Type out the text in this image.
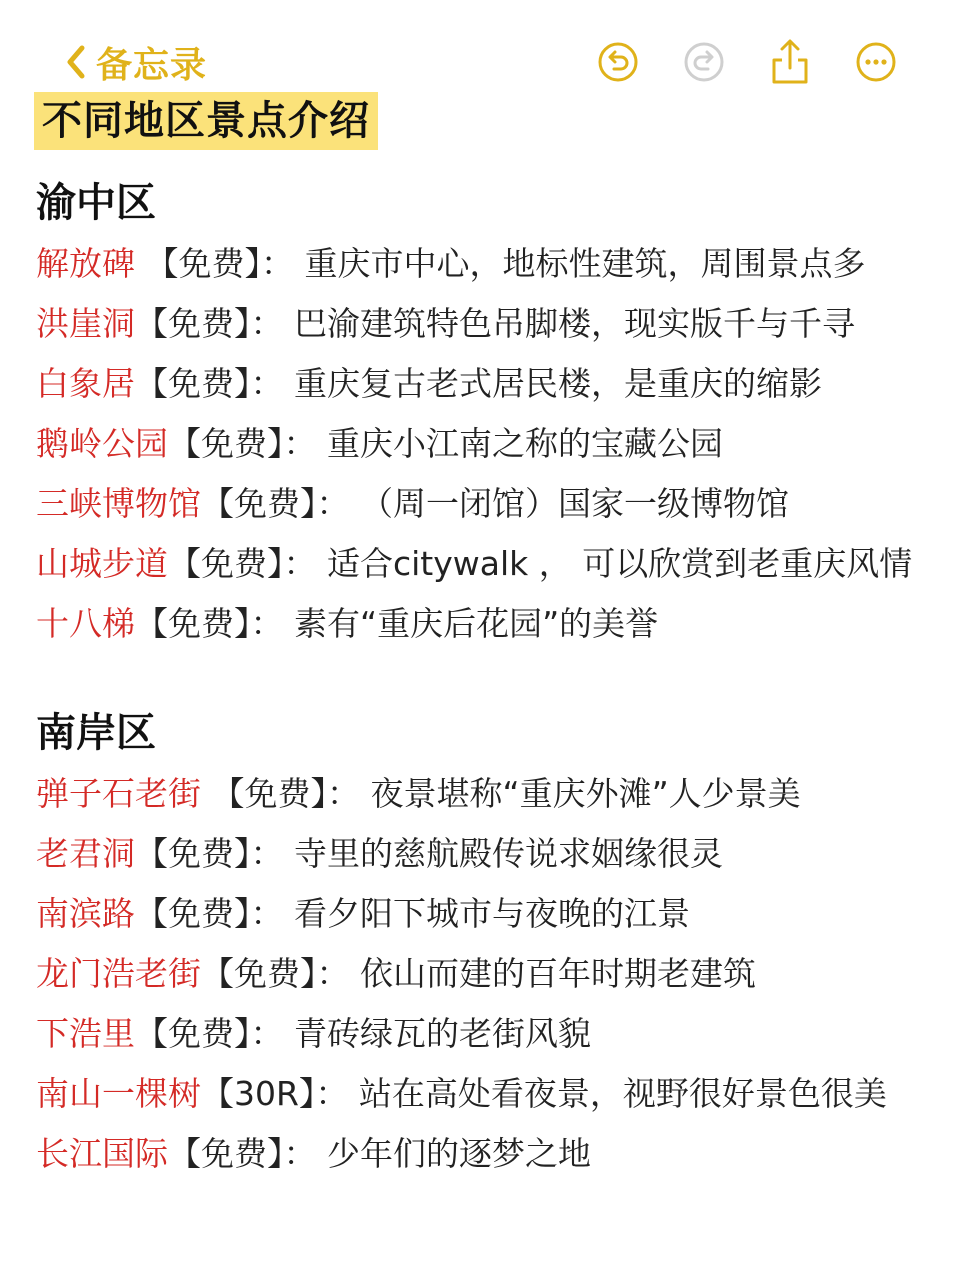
备忘录
不同地区景点介绍
渝中区
解放碑 【免费】： 重庆市中心，地标性建筑，周围景点多
洪崖洞【免费】： 巴渝建筑特色吊脚楼，现实版千与千寻
白象居【免费】： 重庆复古老式居民楼，是重庆的缩影
鹅岭公园【免费】： 重庆小江南之称的宝藏公园
三峡博物馆【免费】： （周一闭馆）国家一级博物馆
山城步道【免费】： 适合citywalk ， 可以欣赏到老重庆风情
十八梯【免费】： 素有“重庆后花园”的美誉
南岸区
弹子石老街 【免费】： 夜景堪称“重庆外滩”人少景美
老君洞【免费】： 寺里的慈航殿传说求姻缘很灵
南滨路【免费】： 看夕阳下城市与夜晚的江景
龙门浩老街【免费】： 依山而建的百年时期老建筑
下浩里【免费】： 青砖绿瓦的老街风貌
南山一棵树【30R】： 站在高处看夜景，视野很好景色很美
长江国际【免费】： 少年们的逐梦之地
